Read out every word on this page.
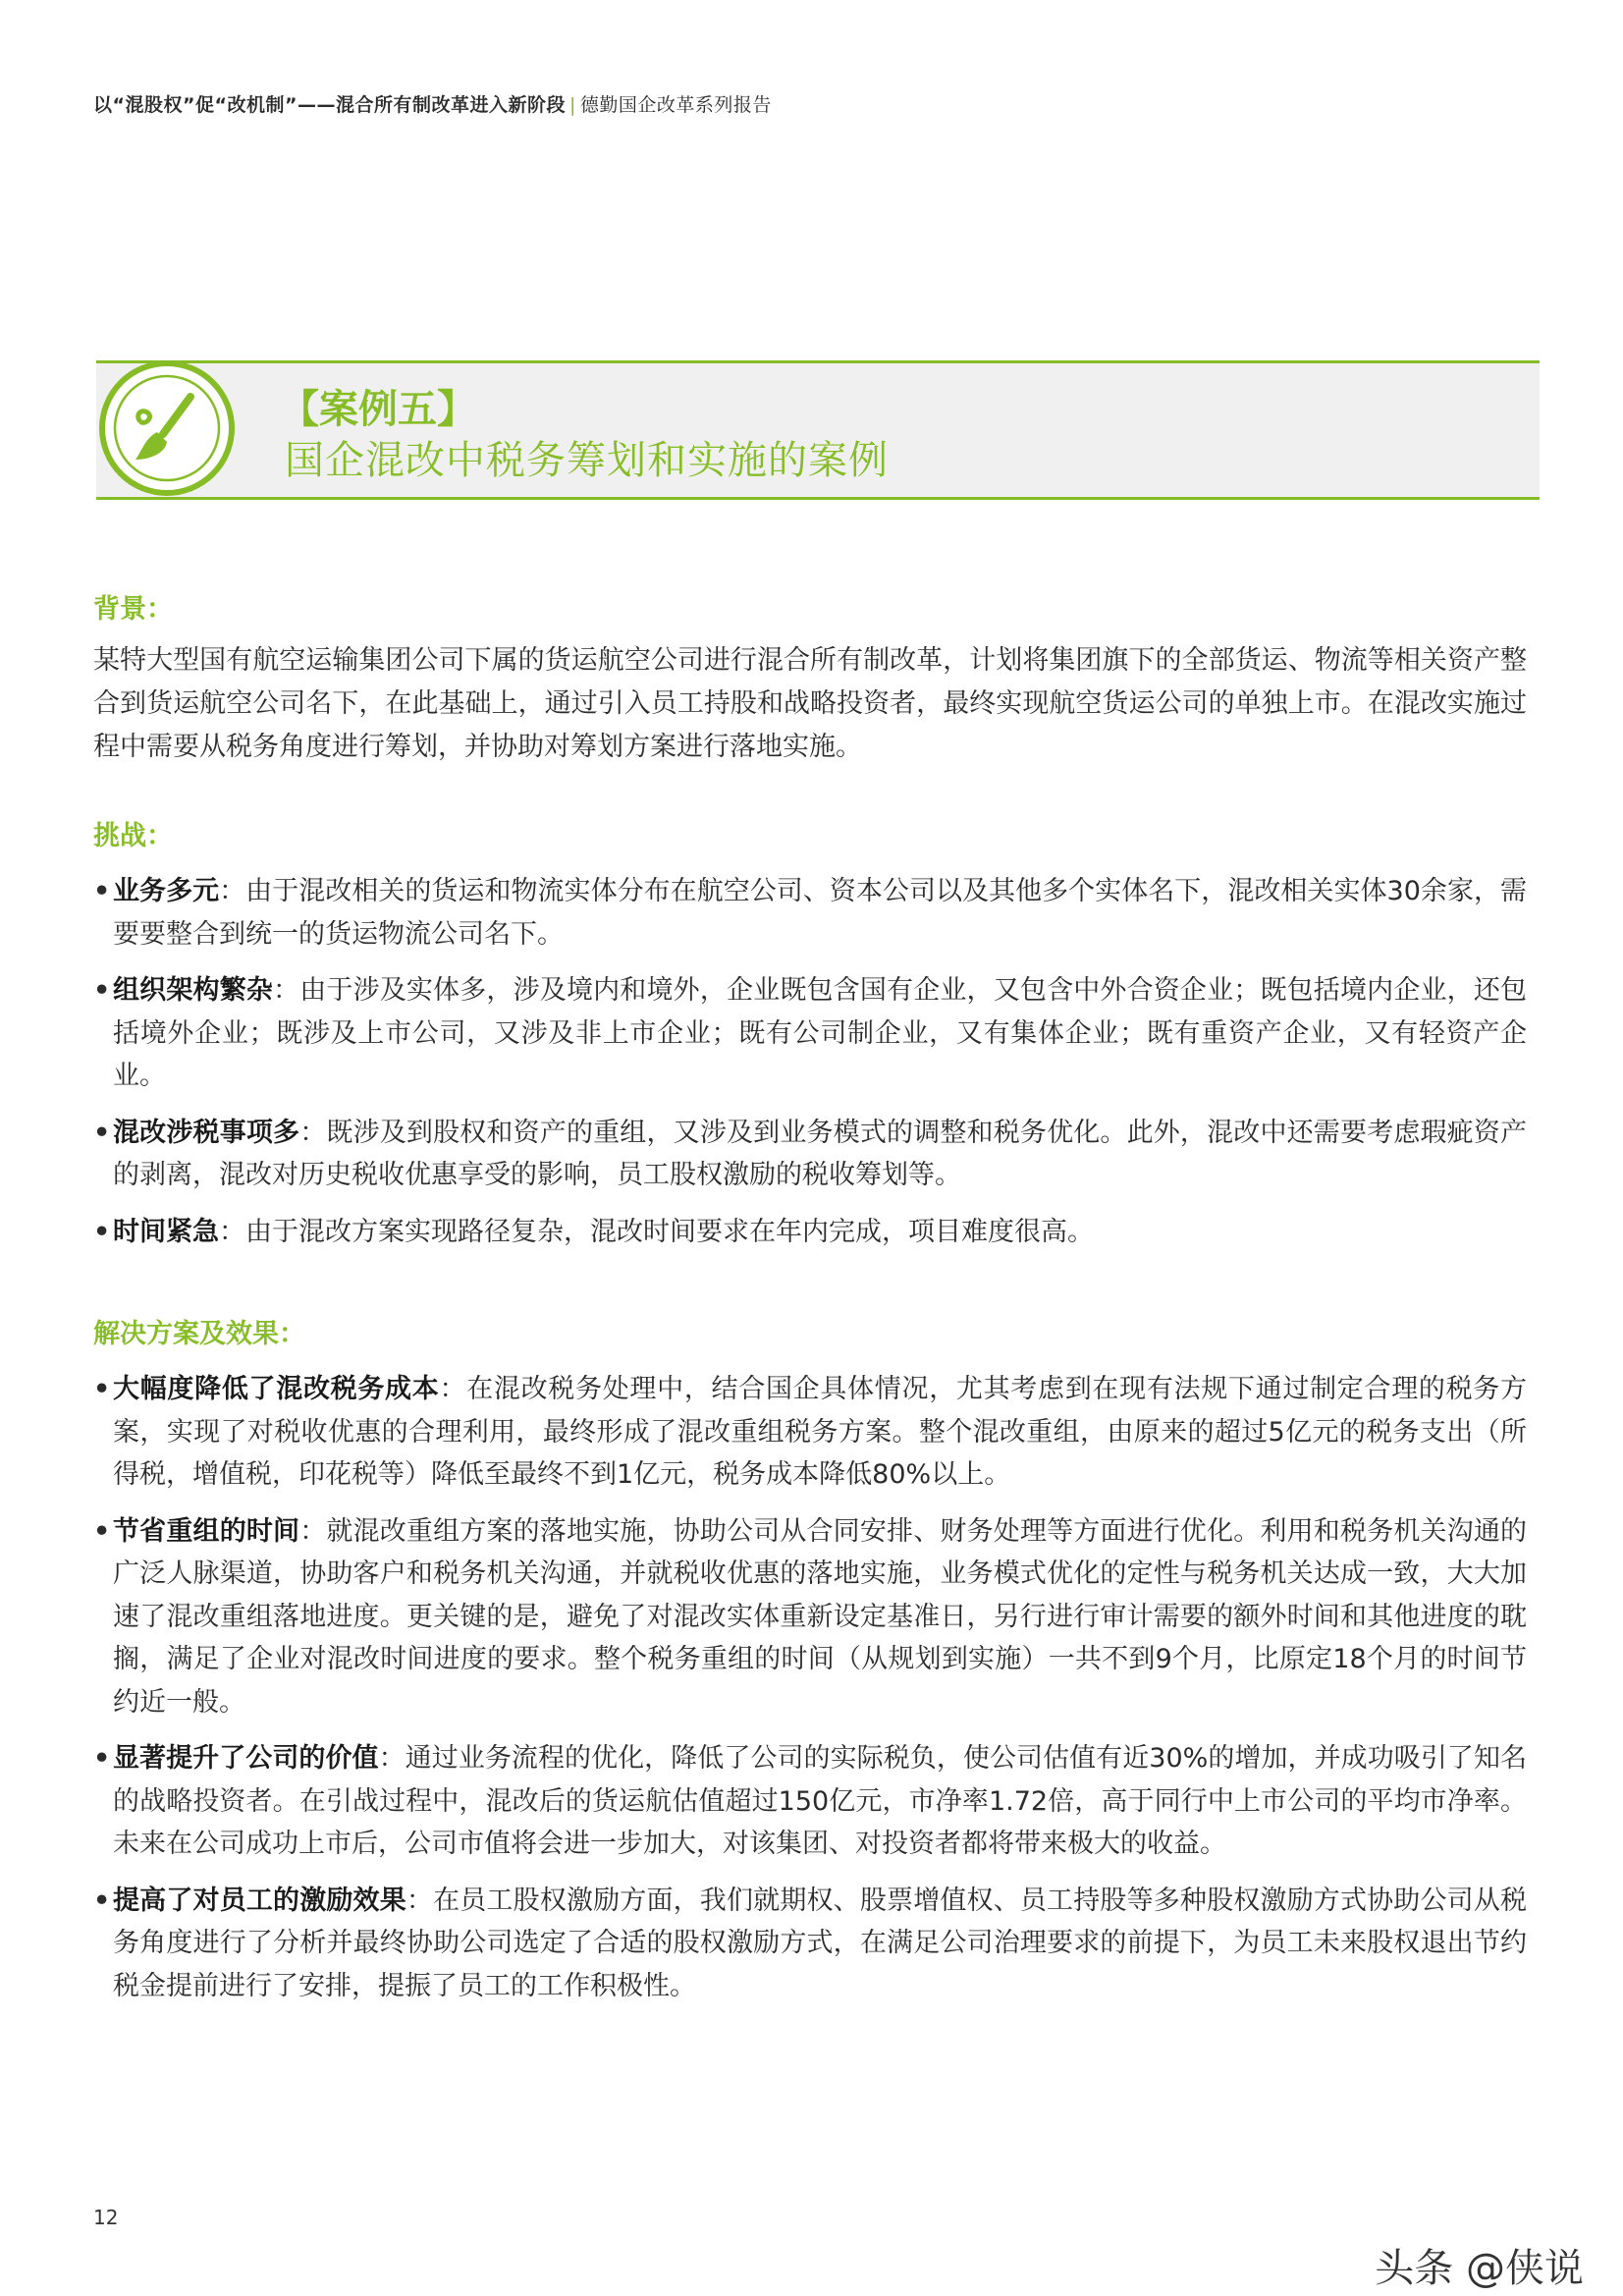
以“混股权”促“改机制”——混合所有制改革进入新阶段 | 德勤国企改革系列报告
【案例五】
国企混改中税务筹划和实施的案例
背景：

某特大型国有航空运输集团公司下属的货运航空公司进行混合所有制改革，计划将集团旗下的全部货运、物流等相关资产整合到货运航空公司名下，在此基础上，通过引入员工持股和战略投资者，最终实现航空货运公司的单独上市。在混改实施过程中需要从税务角度进行筹划，并协助对筹划方案进行落地实施。

挑战：
• 业务多元：由于混改相关的货运和物流实体分布在航空公司、资本公司以及其他多个实体名下，混改相关实体30余家，需要要整合到统一的货运物流公司名下。
• 组织架构繁杂：由于涉及实体多，涉及境内和境外，企业既包含国有企业，又包含中外合资企业；既包括境内企业，还包括境外企业；既涉及上市公司，又涉及非上市企业；既有公司制企业，又有集体企业；既有重资产企业，又有轻资产企业。
• 混改涉税事项多：既涉及到股权和资产的重组，又涉及到业务模式的调整和税务优化。此外，混改中还需要考虑瑕疵资产的剥离，混改对历史税收优惠享受的影响，员工股权激励的税收筹划等。
• 时间紧急：由于混改方案实现路径复杂，混改时间要求在年内完成，项目难度很高。
解决方案及效果：
• 大幅度降低了混改税务成本：在混改税务处理中，结合国企具体情况，尤其考虑到在现有法规下通过制定合理的税务方案，实现了对税收优惠的合理利用，最终形成了混改重组税务方案。整个混改重组，由原来的超过5亿元的税务支出（所得税，增值税，印花税等）降低至最终不到1亿元，税务成本降低80%以上。
• 节省重组的时间：就混改重组方案的落地实施，协助公司从合同安排、财务处理等方面进行优化。利用和税务机关沟通的广泛人脉渠道，协助客户和税务机关沟通，并就税收优惠的落地实施，业务模式优化的定性与税务机关达成一致，大大加速了混改重组落地进度。更关键的是，避免了对混改实体重新设定基准日，另行进行审计需要的额外时间和其他进度的耽搁，满足了企业对混改时间进度的要求。整个税务重组的时间（从规划到实施）一共不到9个月，比原定18个月的时间节约近一般。
• 显著提升了公司的价值：通过业务流程的优化，降低了公司的实际税负，使公司估值有近30%的增加，并成功吸引了知名的战略投资者。在引战过程中，混改后的货运航估值超过150亿元，市净率1.72倍，高于同行中上市公司的平均市净率。未来在公司成功上市后，公司市值将会进一步加大，对该集团、对投资者都将带来极大的收益。
• 提高了对员工的激励效果：在员工股权激励方面，我们就期权、股票增值权、员工持股等多种股权激励方式协助公司从税务角度进行了分析并最终协助公司选定了合适的股权激励方式，在满足公司治理要求的前提下，为员工未来股权退出节约税金提前进行了安排，提振了员工的工作积极性。
12
头条 @侠说
